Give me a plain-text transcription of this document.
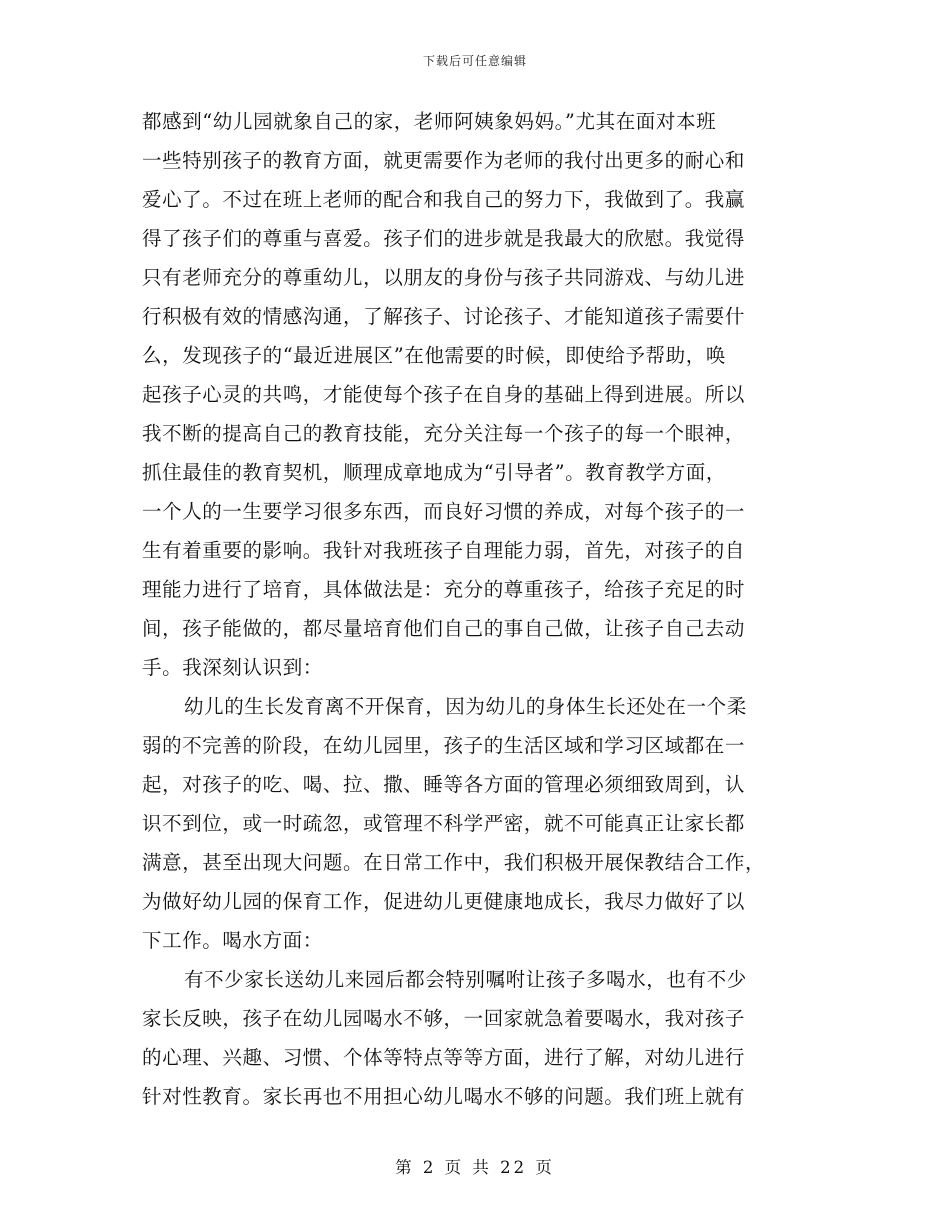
下载后可任意编辑
都感到“幼儿园就象自己的家，老师阿姨象妈妈。”尤其在面对本班
一些特别孩子的教育方面，就更需要作为老师的我付出更多的耐心和
爱心了。不过在班上老师的配合和我自己的努力下，我做到了。我赢
得了孩子们的尊重与喜爱。孩子们的进步就是我最大的欣慰。我觉得
只有老师充分的尊重幼儿，以朋友的身份与孩子共同游戏、与幼儿进
行积极有效的情感沟通，了解孩子、讨论孩子、才能知道孩子需要什
么，发现孩子的“最近进展区”在他需要的时候，即使给予帮助，唤
起孩子心灵的共鸣，才能使每个孩子在自身的基础上得到进展。所以
我不断的提高自己的教育技能，充分关注每一个孩子的每一个眼神，
抓住最佳的教育契机，顺理成章地成为“引导者”。教育教学方面，
一个人的一生要学习很多东西，而良好习惯的养成，对每个孩子的一
生有着重要的影响。我针对我班孩子自理能力弱，首先，对孩子的自
理能力进行了培育，具体做法是：充分的尊重孩子，给孩子充足的时
间，孩子能做的，都尽量培育他们自己的事自己做，让孩子自己去动
手。我深刻认识到：
幼儿的生长发育离不开保育，因为幼儿的身体生长还处在一个柔
弱的不完善的阶段，在幼儿园里，孩子的生活区域和学习区域都在一
起，对孩子的吃、喝、拉、撒、睡等各方面的管理必须细致周到，认
识不到位，或一时疏忽，或管理不科学严密，就不可能真正让家长都
满意，甚至出现大问题。在日常工作中，我们积极开展保教结合工作，
为做好幼儿园的保育工作，促进幼儿更健康地成长，我尽力做好了以
下工作。喝水方面：
有不少家长送幼儿来园后都会特别嘱咐让孩子多喝水，也有不少
家长反映，孩子在幼儿园喝水不够，一回家就急着要喝水，我对孩子
的心理、兴趣、习惯、个体等特点等等方面，进行了解，对幼儿进行
针对性教育。家长再也不用担心幼儿喝水不够的问题。我们班上就有
第 2 页 共 22 页
